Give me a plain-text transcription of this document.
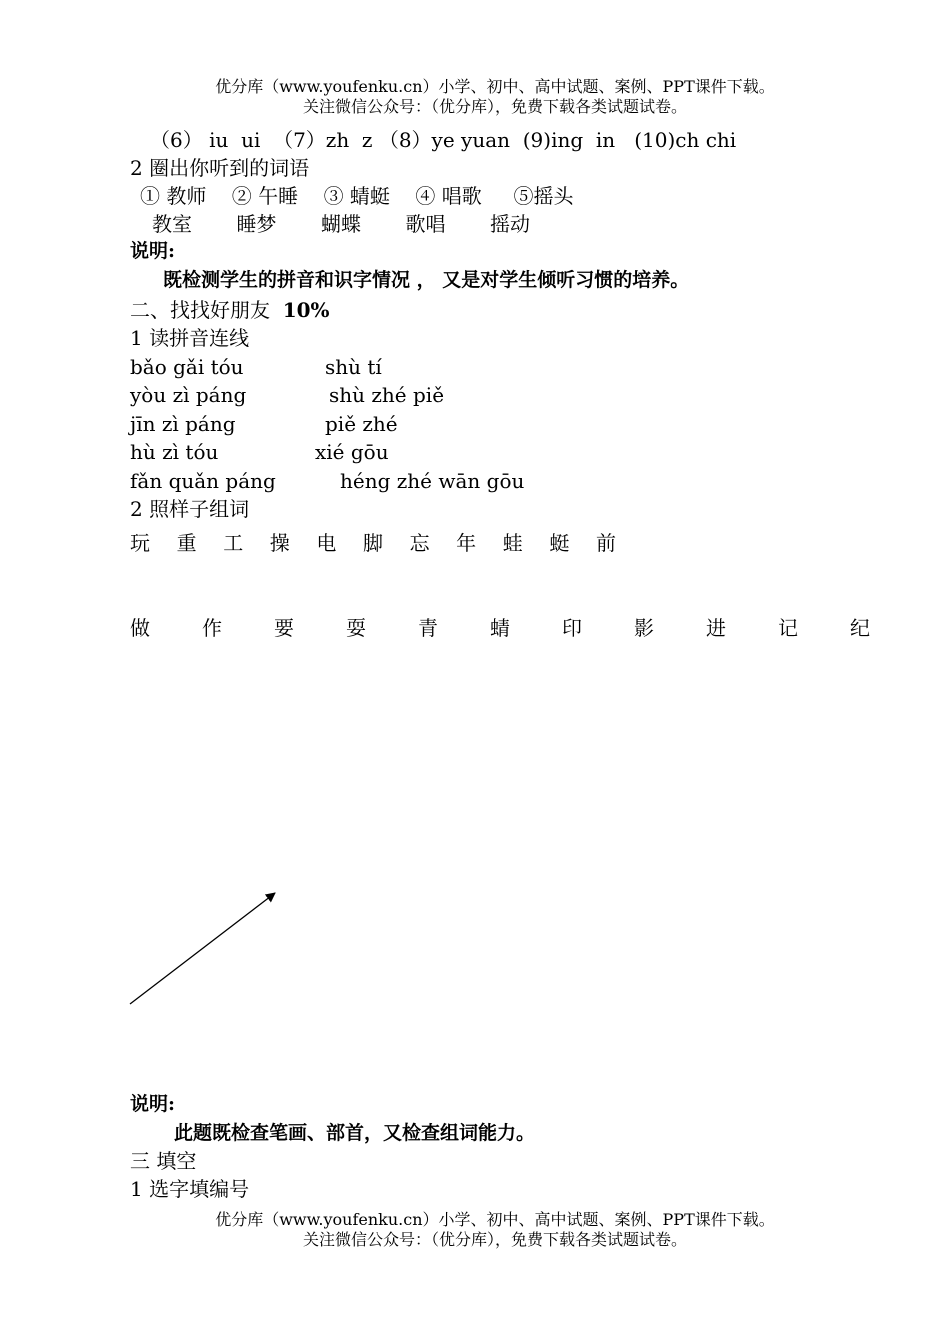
优分库（www.youfenku.cn）小学、初中、高中试题、案例、PPT课件下载。
关注微信公众号：（优分库），免费下载各类试题试卷。
（6） iu  ui  （7）zh  z （8）ye yuan  (9)ing  in   (10)ch chi
2 圈出你听到的词语
① 教师    ② 午睡    ③ 蜻蜓    ④ 唱歌     ⑤摇头
教室       睡梦       蝴蝶       歌唱       摇动
说明:
既检测学生的拼音和识字情况 ， 又是对学生倾听习惯的培养。
二、找找好朋友 10%
1 读拼音连线
bǎo gǎi tóu	shù tí
yòu zì páng	shù zhé piě
jīn zì páng	piě zhé
hù zì tóu	xié gōu
fǎn quǎn páng	héng zhé wān gōu
2 照样子组词
玩 重 工 操 电 脚 忘 年 蛙 蜓 前
做	作	要	耍	青	蜻	印	影	进	记	纪
说明:
此题既检查笔画、部首，又检查组词能力。
三 填空
1 选字填编号
优分库（www.youfenku.cn）小学、初中、高中试题、案例、PPT课件下载。
关注微信公众号：（优分库），免费下载各类试题试卷。
